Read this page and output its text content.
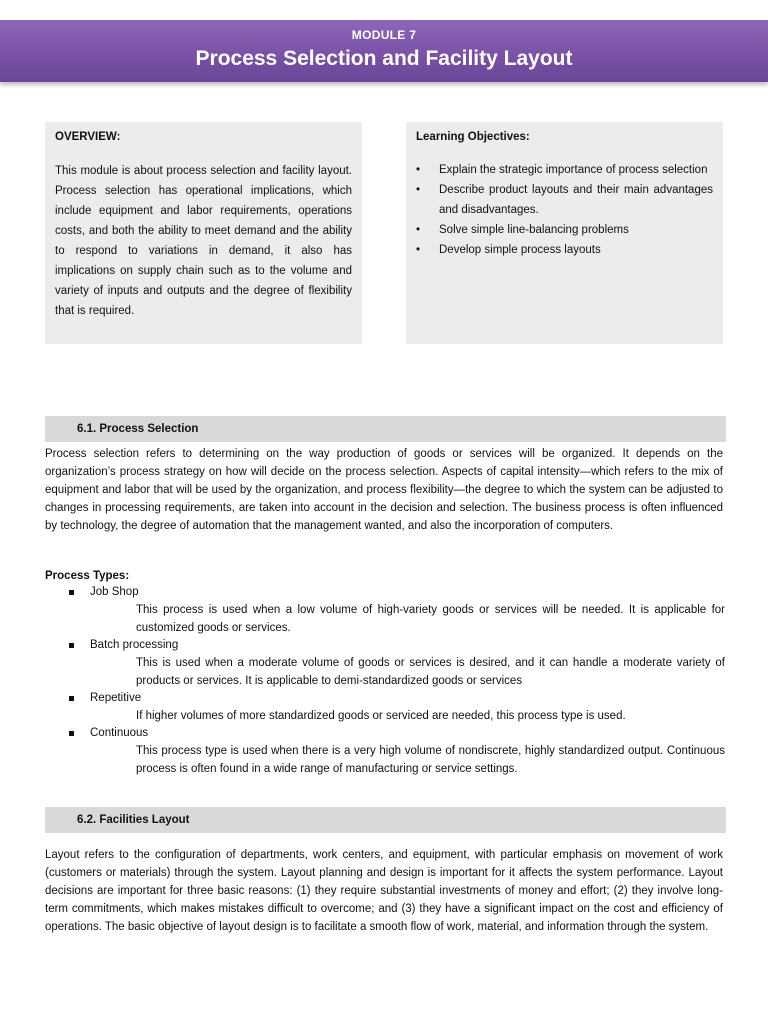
MODULE 7
Process Selection and Facility Layout
OVERVIEW:

This module is about process selection and facility layout. Process selection has operational implications, which include equipment and labor requirements, operations costs, and both the ability to meet demand and the ability to respond to variations in demand, it also has implications on supply chain such as to the volume and variety of inputs and outputs and the degree of flexibility that is required.

Learning Objectives:
• Explain the strategic importance of process selection
• Describe product layouts and their main advantages and disadvantages.
• Solve simple line-balancing problems
• Develop simple process layouts
6.1. Process Selection

Process selection refers to determining on the way production of goods or services will be organized. It depends on the organization’s process strategy on how will decide on the process selection. Aspects of capital intensity—which refers to the mix of equipment and labor that will be used by the organization, and process flexibility—the degree to which the system can be adjusted to changes in processing requirements, are taken into account in the decision and selection. The business process is often influenced by technology, the degree of automation that the management wanted, and also the incorporation of computers.

Process Types:
Job Shop
This process is used when a low volume of high-variety goods or services will be needed. It is applicable for customized goods or services.
Batch processing
This is used when a moderate volume of goods or services is desired, and it can handle a moderate variety of products or services. It is applicable to demi-standardized goods or services
Repetitive
If higher volumes of more standardized goods or serviced are needed, this process type is used.
Continuous
This process type is used when there is a very high volume of nondiscrete, highly standardized output. Continuous process is often found in a wide range of manufacturing or service settings.
6.2. Facilities Layout

Layout refers to the configuration of departments, work centers, and equipment, with particular emphasis on movement of work (customers or materials) through the system. Layout planning and design is important for it affects the system performance. Layout decisions are important for three basic reasons: (1) they require substantial investments of money and effort; (2) they involve long-term commitments, which makes mistakes difficult to overcome; and (3) they have a significant impact on the cost and efficiency of operations. The basic objective of layout design is to facilitate a smooth flow of work, material, and information through the system.
